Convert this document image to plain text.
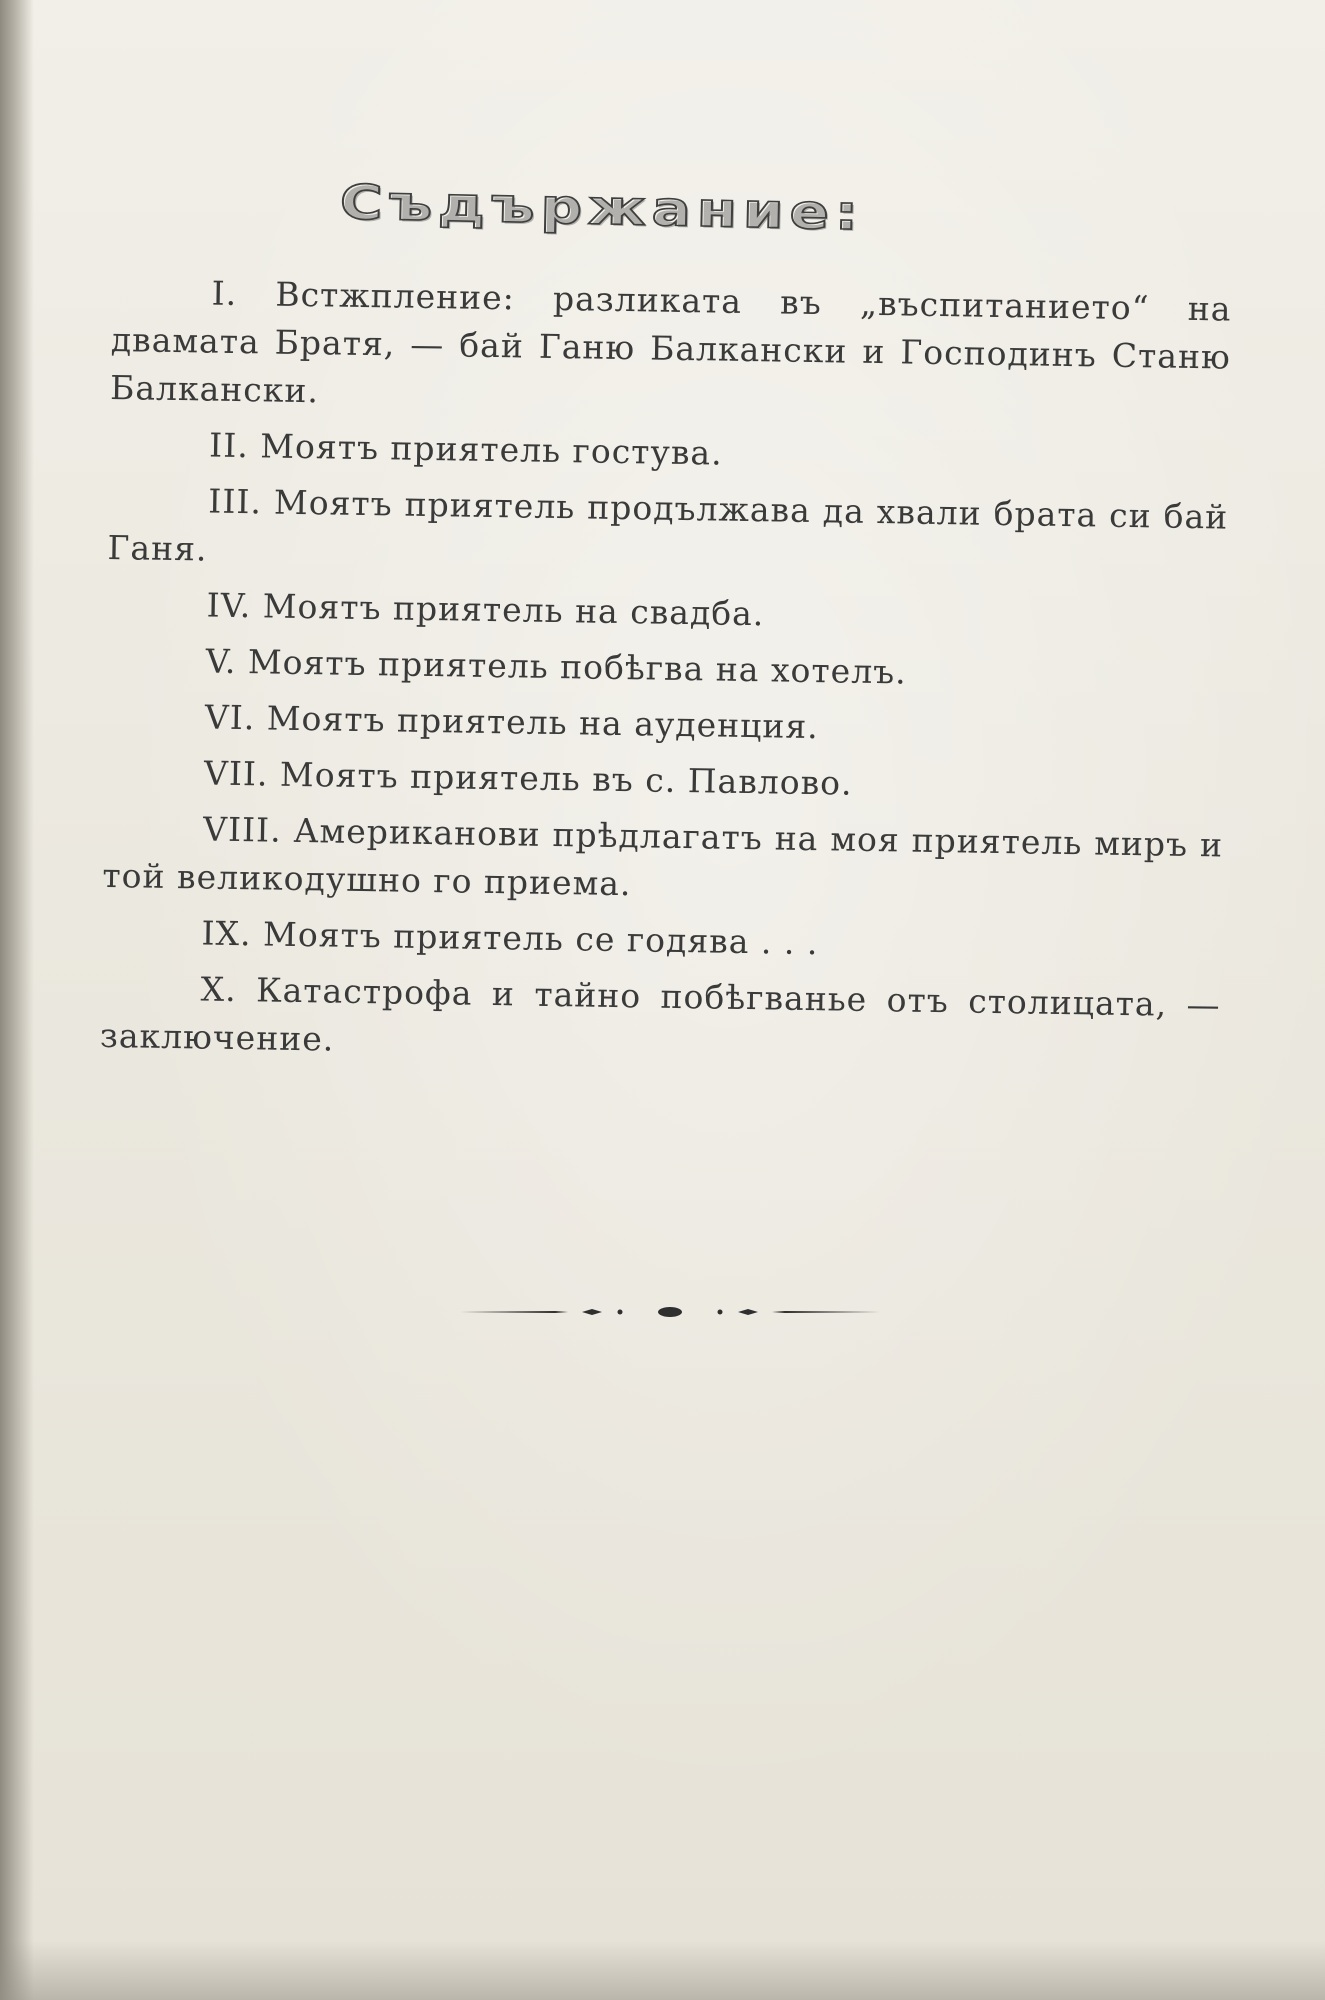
Съдържание:
I. Встжпление: разликата въ „въспитанието“ на двамата Братя, — бай Ганю Балкански и Господинъ Станю Балкански.
II. Моятъ приятель гостува.
III. Моятъ приятель продължава да хвали брата си бай Ганя.
IV. Моятъ приятель на свадба.
V. Моятъ приятель побѣгва на хотелъ.
VI. Моятъ приятель на ауденция.
VII. Моятъ приятель въ с. Павлово.
VIII. Американови прѣдлагатъ на моя приятель миръ и той великодушно го приема.
IX. Моятъ приятель се годява . . .
X. Катастрофа и тайно побѣгванье отъ столицата, — заключение.
